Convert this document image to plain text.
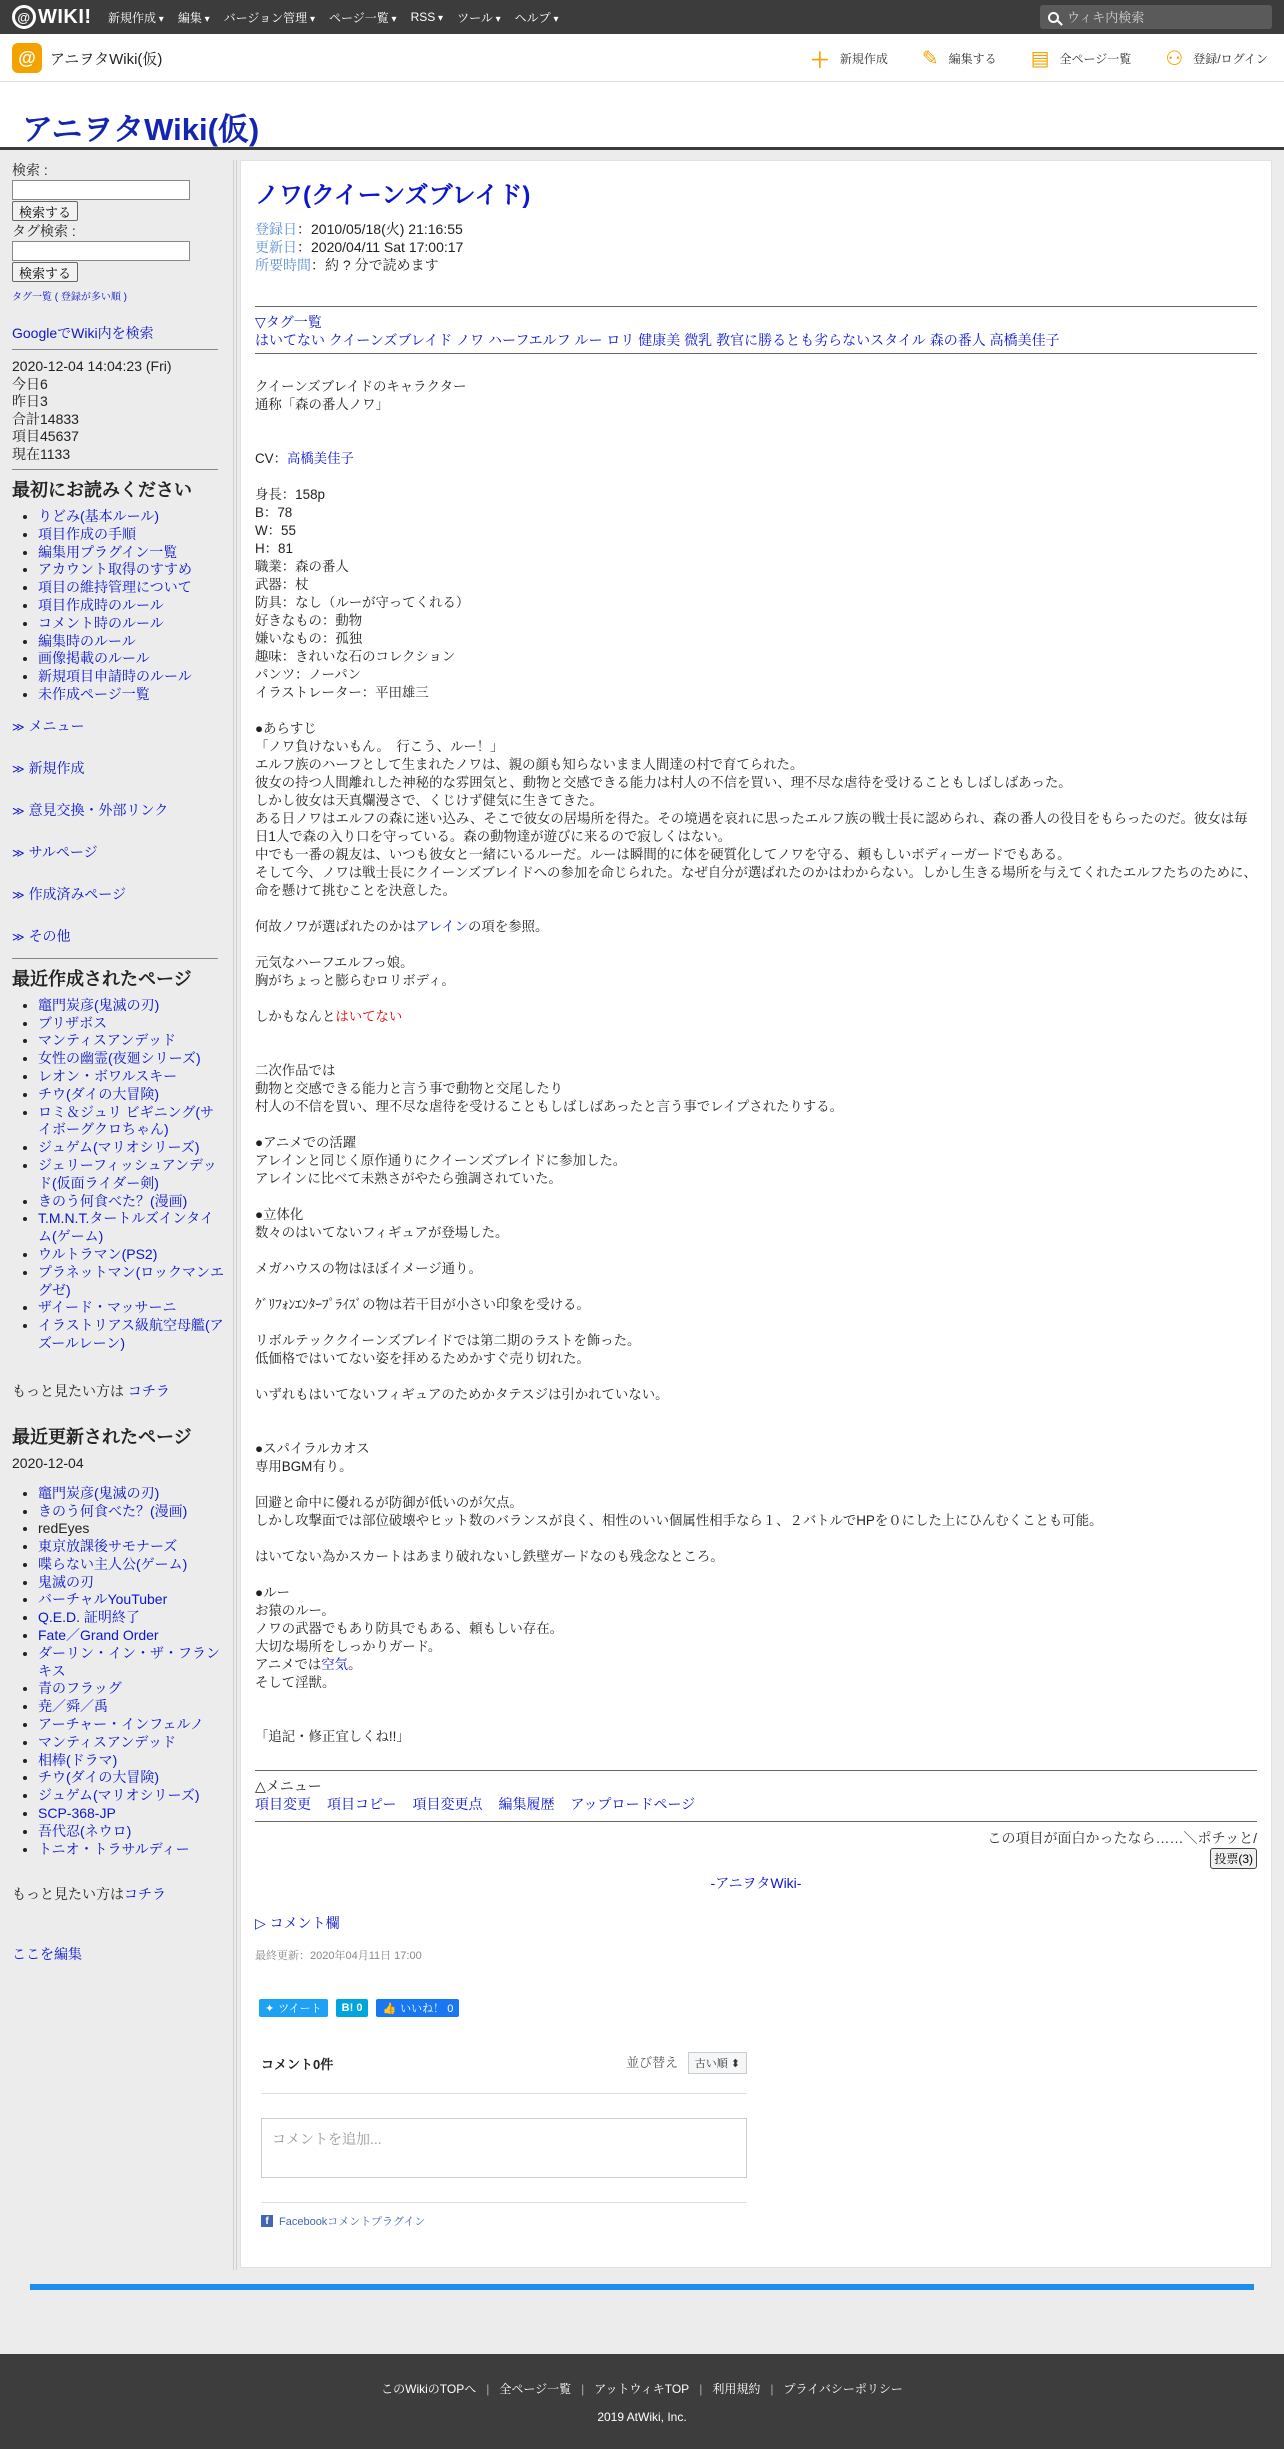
@ WIKI! 新規作成 ▾	編集 ▾	バージョン管理 ▾	ページ一覧 ▾	RSS ▾	ツール ▾	ヘルプ ▾
ウィキ内検索
@ アニヲタWiki(仮)	＋ 新規作成 ✎ 編集する ▤ 全ページ一覧 ⚇ 登録/ログイン
アニヲタWiki(仮)
検索 :
検索する
タグ検索 :
検索する
タグ一覧 ( 登録が多い順 )
GoogleでWiki内を検索
2020-12-04 14:04:23 (Fri)
今日6
昨日3
合計14833
項目45637
現在1133
最初にお読みください
• りどみ(基本ルール)
• 項目作成の手順
• 編集用プラグイン一覧
• アカウント取得のすすめ
• 項目の維持管理について
• 項目作成時のルール
• コメント時のルール
• 編集時のルール
• 画像掲載のルール
• 新規項目申請時のルール
• 未作成ページ一覧
≫ メニュー
≫ 新規作成
≫ 意見交換・外部リンク
≫ サルページ
≫ 作成済みページ
≫ その他
最近作成されたページ
• 竈門炭彦(鬼滅の刃)
• ブリザボス
• マンティスアンデッド
• 女性の幽霊(夜廻シリーズ)
• レオン・ボワルスキー
• チウ(ダイの大冒険)
• ロミ＆ジュリ ビギニング(サイボーグクロちゃん)
• ジュゲム(マリオシリーズ)
• ジェリーフィッシュアンデッド(仮面ライダー剣)
• きのう何食べた？(漫画)
• T.M.N.T.タートルズインタイム(ゲーム)
• ウルトラマン(PS2)
• プラネットマン(ロックマンエグゼ)
• ザイード・マッサーニ
• イラストリアス級航空母艦(アズールレーン)
もっと見たい方は コチラ
最近更新されたページ
2020-12-04
• 竈門炭彦(鬼滅の刃)
• きのう何食べた？(漫画)
• redEyes
• 東京放課後サモナーズ
• 喋らない主人公(ゲーム)
• 鬼滅の刃
• バーチャルYouTuber
• Q.E.D. 証明終了
• Fate／Grand Order
• ダーリン・イン・ザ・フランキス
• 青のフラッグ
• 尭／舜／禹
• アーチャー・インフェルノ
• マンティスアンデッド
• 相棒(ドラマ)
• チウ(ダイの大冒険)
• ジュゲム(マリオシリーズ)
• SCP-368-JP
• 吾代忍(ネウロ)
• トニオ・トラサルディー
もっと見たい方はコチラ
ここを編集
ノワ(クイーンズブレイド)
登録日：2010/05/18(火) 21:16:55
更新日：2020/04/11 Sat 17:00:17
所要時間：約 ? 分で読めます
▽タグ一覧
はいてない クイーンズブレイド ノワ ハーフエルフ ルー ロリ 健康美 微乳 教官に勝るとも劣らないスタイル 森の番人 高橋美佳子

クイーンズブレイドのキャラクター

通称「森の番人ノワ」

CV：高橋美佳子

身長：158p

B：78

W：55

H：81

職業：森の番人

武器：杖

防具：なし（ルーが守ってくれる）

好きなもの：動物

嫌いなもの：孤独

趣味：きれいな石のコレクション

パンツ：ノーパン

イラストレーター：平田雄三

●あらすじ

「ノワ負けないもん。　行こう、ルー！」

エルフ族のハーフとして生まれたノワは、親の顔も知らないまま人間達の村で育てられた。

彼女の持つ人間離れした神秘的な雰囲気と、動物と交感できる能力は村人の不信を買い、理不尽な虐待を受けることもしばしばあった。

しかし彼女は天真爛漫さで、くじけず健気に生きてきた。

ある日ノワはエルフの森に迷い込み、そこで彼女の居場所を得た。その境遇を哀れに思ったエルフ族の戦士長に認められ、森の番人の役目をもらったのだ。彼女は毎日1人で森の入り口を守っている。森の動物達が遊びに来るので寂しくはない。

中でも一番の親友は、いつも彼女と一緒にいるルーだ。ルーは瞬間的に体を硬質化してノワを守る、頼もしいボディーガードでもある。

そして今、ノワは戦士長にクイーンズブレイドへの参加を命じられた。なぜ自分が選ばれたのかはわからない。しかし生きる場所を与えてくれたエルフたちのために、命を懸けて挑むことを決意した。

何故ノワが選ばれたのかはアレインの項を参照。

元気なハーフエルフっ娘。

胸がちょっと膨らむロリボディ。

しかもなんとはいてない

二次作品では

動物と交感できる能力と言う事で動物と交尾したり

村人の不信を買い、理不尽な虐待を受けることもしばしばあったと言う事でレイプされたりする。

●アニメでの活躍

アレインと同じく原作通りにクイーンズブレイドに参加した。

アレインに比べて未熟さがやたら強調されていた。

●立体化

数々のはいてないフィギュアが登場した。

メガハウスの物はほぼイメージ通り。

ｸﾞﾘﾌｫﾝｴﾝﾀｰﾌﾟﾗｲｽﾞの物は若干目が小さい印象を受ける。

リボルテッククイーンズブレイドでは第二期のラストを飾った。

低価格ではいてない姿を拝めるためかすぐ売り切れた。

いずれもはいてないフィギュアのためかタテスジは引かれていない。

●スパイラルカオス

専用BGM有り。

回避と命中に優れるが防御が低いのが欠点。

しかし攻撃面では部位破壊やヒット数のバランスが良く、相性のいい個属性相手なら１、２バトルでHPを０にした上にひんむくことも可能。

はいてない為かスカートはあまり破れないし鉄壁ガードなのも残念なところ。

●ルー

お猿のルー。

ノワの武器でもあり防具でもある、頼もしい存在。

大切な場所をしっかりガード。

アニメでは空気。

そして淫獣。

「追記・修正宜しくね!!」

△メニュー
項目変更 項目コピー 項目変更点 編集履歴 アップロードページ
この項目が面白かったなら……＼ポチッと/
投票(3)
-アニヲタWiki-
▷ コメント欄
最終更新：2020年04月11日 17:00
✦ ツイート	B! 0	👍 いいね！ 0
コメント0件	並び替え 古い順 ⬍
コメントを追加...
f Facebookコメントプラグイン
このWikiのTOPへ | 全ページ一覧 | アットウィキTOP | 利用規約 | プライバシーポリシー
2019 AtWiki, Inc.
